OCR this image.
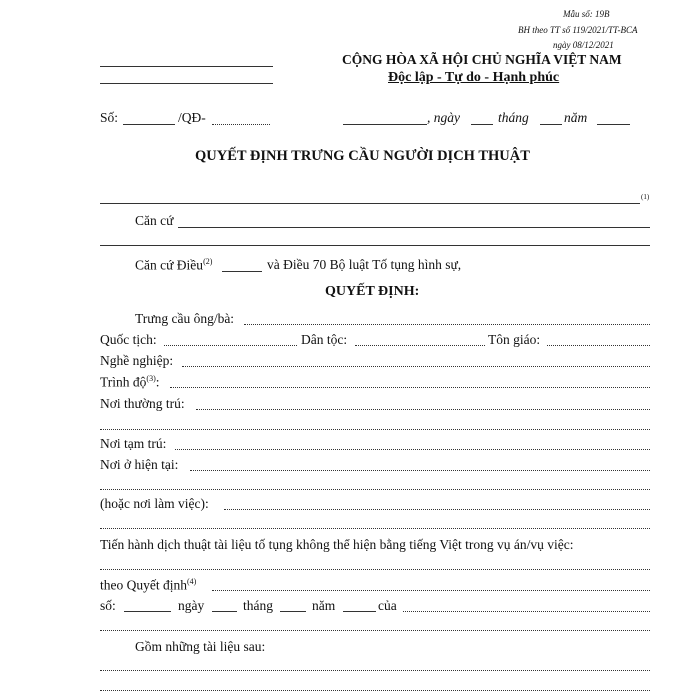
Mẫu số: 19B
BH theo TT số 119/2021/TT-BCA
ngày 08/12/2021
CỘNG HÒA XÃ HỘI CHỦ NGHĨA VIỆT NAM
Độc lập - Tự do - Hạnh phúc
Số:	/QĐ-	, ngày	tháng	năm
QUYẾT ĐỊNH TRƯNG CẦU NGƯỜI DỊCH THUẬT
(1)
Căn cứ
Căn cứ Điều$^{(2)}$	và Điều 70 Bộ luật Tố tụng hình sự,
QUYẾT ĐỊNH:
Trưng cầu ông/bà:
Quốc tịch:	Dân tộc:	Tôn giáo:
Nghề nghiệp:
Trình độ$^{(3)}$:
Nơi thường trú:
Nơi tạm trú:
Nơi ở hiện tại:
(hoặc nơi làm việc):
Tiến hành dịch thuật tài liệu tố tụng không thể hiện bằng tiếng Việt trong vụ án/vụ việc:
theo Quyết định$^{(4)}$
số:	ngày	tháng	năm	của
Gồm những tài liệu sau:
